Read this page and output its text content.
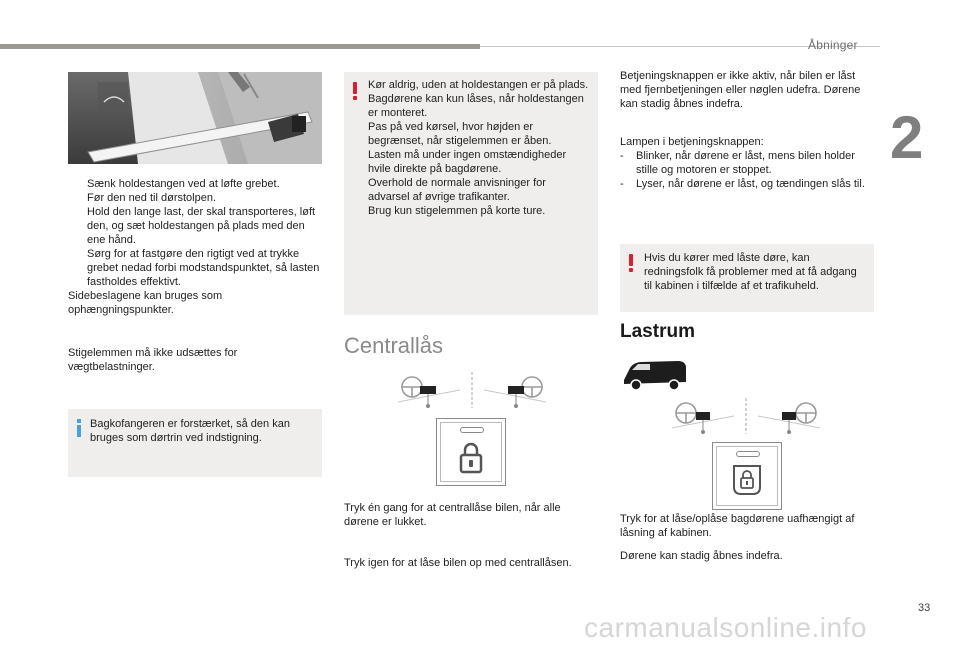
Åbninger
2
Sænk holdestangen ved at løfte grebet.
Før den ned til dørstolpen.
Hold den lange last, der skal transporteres, løft den, og sæt holdestangen på plads med den ene hånd.
Sørg for at fastgøre den rigtigt ved at trykke grebet nedad forbi modstandspunktet, så lasten fastholdes effektivt.
Sidebeslagene kan bruges som ophængningspunkter.
Stigelemmen må ikke udsættes for vægtbelastninger.
Bagkofangeren er forstærket, så den kan bruges som dørtrin ved indstigning.
Kør aldrig, uden at holdestangen er på plads.
Bagdørene kan kun låses, når holdestangen er monteret.
Pas på ved kørsel, hvor højden er begrænset, når stigelemmen er åben.
Lasten må under ingen omstændigheder hvile direkte på bagdørene.
Overhold de normale anvisninger for advarsel af øvrige trafikanter.
Brug kun stigelemmen på korte ture.
Centrallås
Tryk én gang for at centrallåse bilen, når alle dørene er lukket.
Tryk igen for at låse bilen op med centrallåsen.
Betjeningsknappen er ikke aktiv, når bilen er låst med fjernbetjeningen eller nøglen udefra. Dørene kan stadig åbnes indefra.
Lampen i betjeningsknappen:
- Blinker, når dørene er låst, mens bilen holder stille og motoren er stoppet.
- Lyser, når dørene er låst, og tændingen slås til.
Hvis du kører med låste døre, kan redningsfolk få problemer med at få adgang til kabinen i tilfælde af et trafikuheld.
Lastrum
Tryk for at låse/oplåse bagdørene uafhængigt af låsning af kabinen.
Dørene kan stadig åbnes indefra.
33
carmanualsonline.info
